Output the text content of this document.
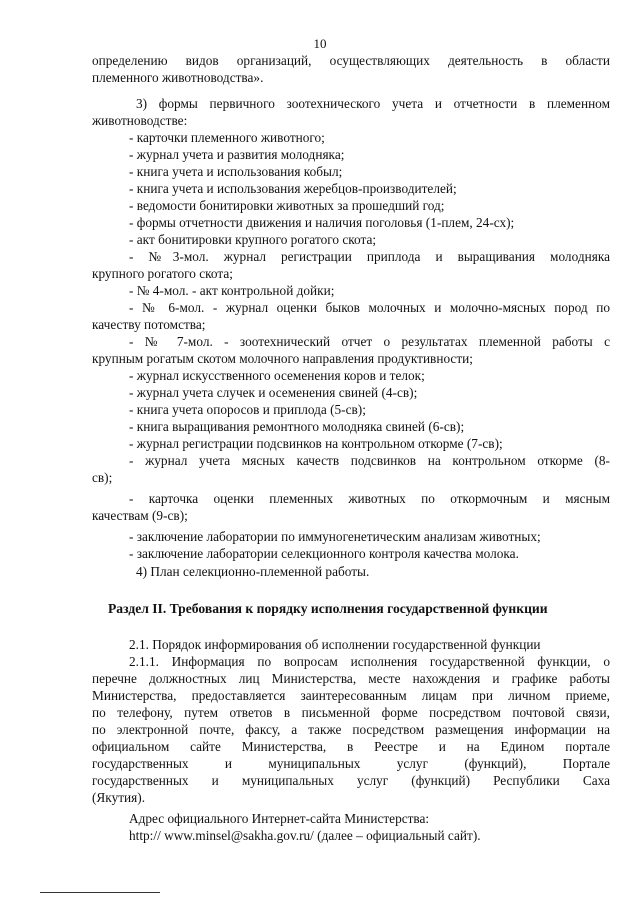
10
определению видов организаций, осуществляющих деятельность в области
племенного животноводства».
3) формы первичного зоотехнического учета и отчетности в племенном
животноводстве:
- карточки племенного животного;
- журнал учета и развития молодняка;
- книга учета и использования кобыл;
- книга учета и использования жеребцов-производителей;
- ведомости бонитировки животных за прошедший год;
- формы отчетности движения и наличия поголовья (1-плем, 24-сх);
- акт бонитировки крупного рогатого скота;
- №3-мол. журнал регистрации приплода и выращивания молодняка
крупного рогатого скота;
- № 4-мол. - акт контрольной дойки;
- № 6-мол. - журнал оценки быков молочных и молочно-мясных пород по
качеству потомства;
- № 7-мол. - зоотехнический отчет о результатах племенной работы с
крупным рогатым скотом молочного направления продуктивности;
- журнал искусственного осеменения коров и телок;
- журнал учета случек и осеменения свиней (4-св);
- книга учета опоросов и приплода (5-св);
- книга выращивания ремонтного молодняка свиней (6-св);
- журнал регистрации подсвинков на контрольном откорме (7-св);
- журнал учета мясных качеств подсвинков на контрольном откорме (8-
св);
- карточка оценки племенных животных по откормочным и мясным
качествам (9-св);
- заключение лаборатории по иммуногенетическим анализам животных;
- заключение лаборатории селекционного контроля качества молока.
4) План селекционно-племенной работы.
Раздел II. Требования к порядку исполнения государственной функции
2.1. Порядок информирования об исполнении государственной функции
2.1.1. Информация по вопросам исполнения государственной функции, о
перечне должностных лиц Министерства, месте нахождения и графике работы
Министерства, предоставляется заинтересованным лицам при личном приеме,
по телефону, путем ответов в письменной форме посредством почтовой связи,
по электронной почте, факсу, а также посредством размещения информации на
официальном сайте Министерства, в Реестре и на Едином портале
государственных и муниципальных услуг (функций), Портале
государственных и муниципальных услуг (функций) Республики Саха
(Якутия).
Адрес официального Интернет-сайта Министерства:
http:// www.minsel@sakha.gov.ru/ (далее – официальный сайт).
